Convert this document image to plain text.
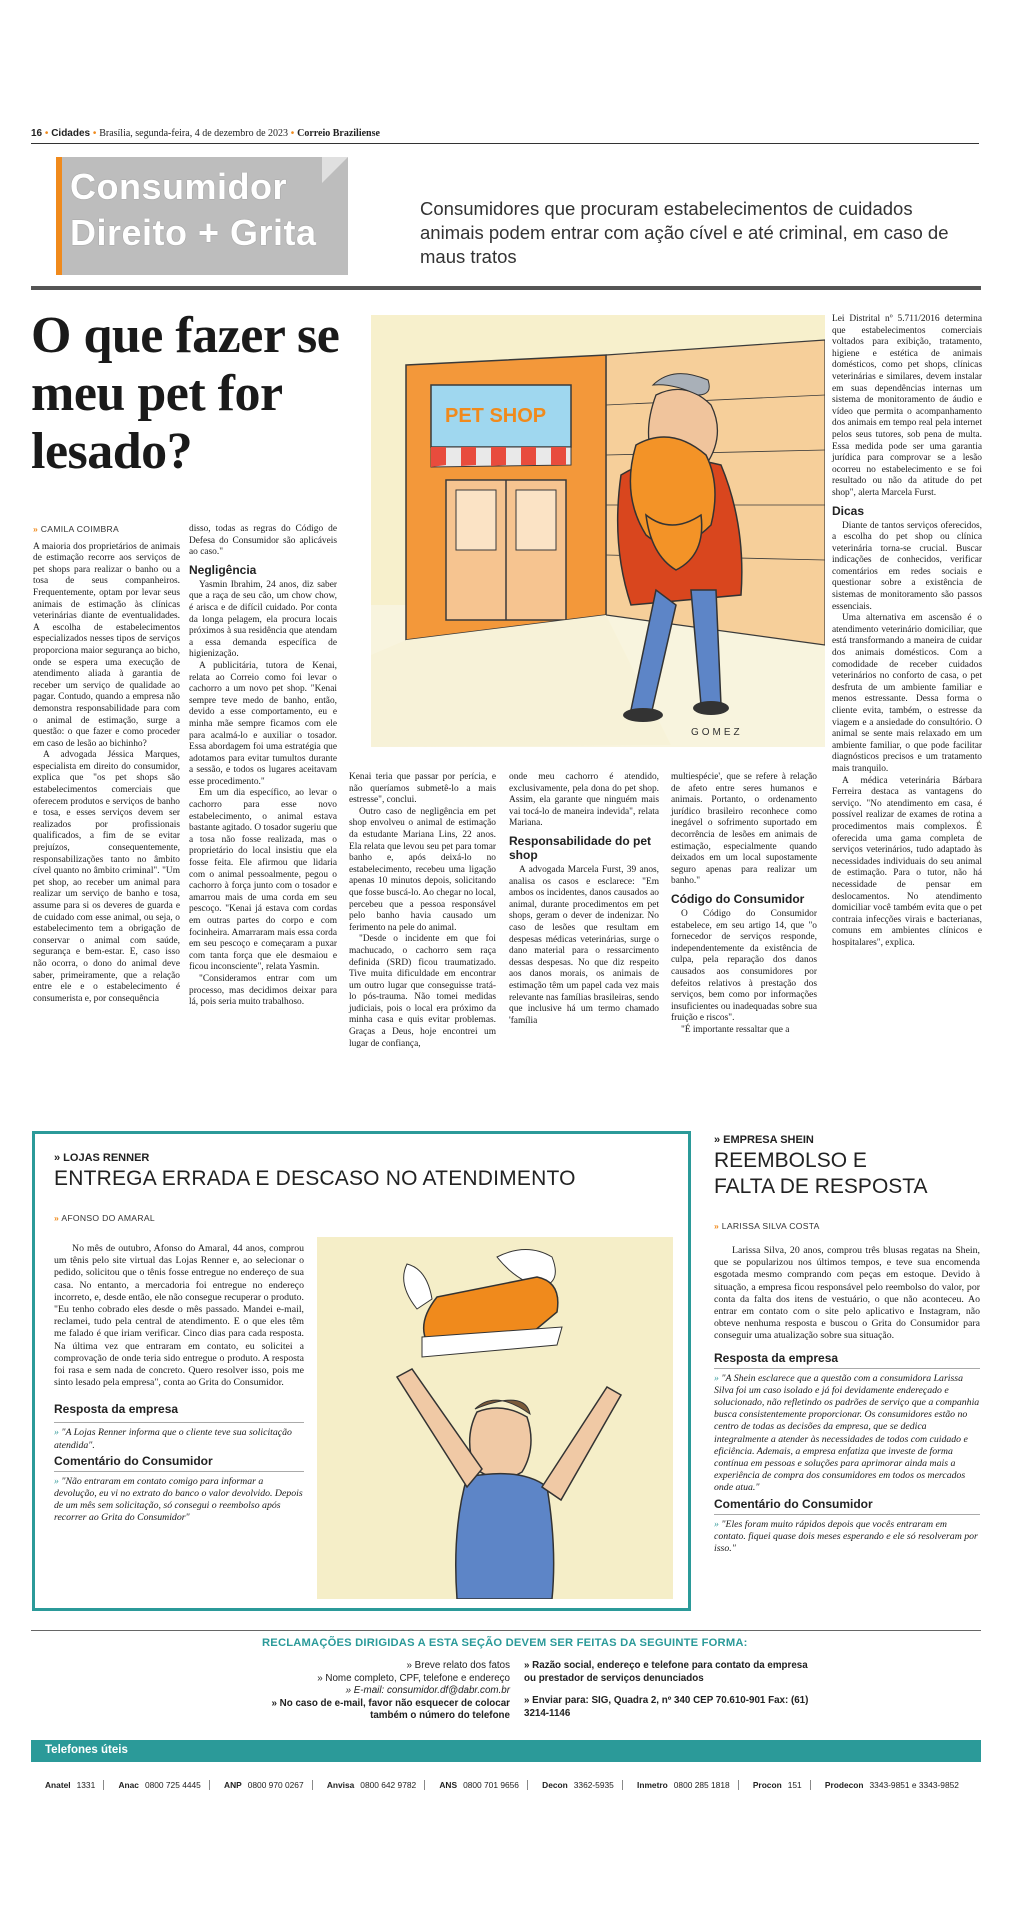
16 • Cidades • Brasília, segunda-feira, 4 de dezembro de 2023 • Correio Braziliense
Consumidor
Direito + Grita
Consumidores que procuram estabelecimentos de cuidados animais podem entrar com ação cível e até criminal, em caso de maus tratos
O que fazer se meu pet for lesado?
PET SHOP
GOMEZ
» CAMILA COIMBRA

A maioria dos proprietários de animais de estimação recorre aos serviços de pet shops para realizar o banho ou a tosa de seus companheiros. Frequentemente, optam por levar seus animais de estimação às clínicas veterinárias diante de eventualidades. A escolha de estabelecimentos especializados nesses tipos de serviços proporciona maior segurança ao bicho, onde se espera uma execução de atendimento aliada à garantia de receber um serviço de qualidade ao pagar. Contudo, quando a empresa não demonstra responsabilidade para com o animal de estimação, surge a questão: o que fazer e como proceder em caso de lesão ao bichinho?

A advogada Jéssica Marques, especialista em direito do consumidor, explica que "os pet shops são estabelecimentos comerciais que oferecem produtos e serviços de banho e tosa, e esses serviços devem ser realizados por profissionais qualificados, a fim de se evitar prejuízos, consequentemente, responsabilizações tanto no âmbito cível quanto no âmbito criminal". "Um pet shop, ao receber um animal para realizar um serviço de banho e tosa, assume para si os deveres de guarda e de cuidado com esse animal, ou seja, o estabelecimento tem a obrigação de conservar o animal com saúde, segurança e bem-estar. E, caso isso não ocorra, o dono do animal deve saber, primeiramente, que a relação entre ele e o estabelecimento é consumerista e, por consequência

disso, todas as regras do Código de Defesa do Consumidor são aplicáveis ao caso."

Negligência

Yasmin Ibrahim, 24 anos, diz saber que a raça de seu cão, um chow chow, é arisca e de difícil cuidado. Por conta da longa pelagem, ela procura locais próximos à sua residência que atendam a essa demanda específica de higienização.

A publicitária, tutora de Kenai, relata ao Correio como foi levar o cachorro a um novo pet shop. "Kenai sempre teve medo de banho, então, devido a esse comportamento, eu e minha mãe sempre ficamos com ele para acalmá-lo e auxiliar o tosador. Essa abordagem foi uma estratégia que adotamos para evitar tumultos durante a sessão, e todos os lugares aceitavam esse procedimento."

Em um dia específico, ao levar o cachorro para esse novo estabelecimento, o animal estava bastante agitado. O tosador sugeriu que a tosa não fosse realizada, mas o proprietário do local insistiu que ela fosse feita. Ele afirmou que lidaria com o animal pessoalmente, pegou o cachorro à força junto com o tosador e amarrou mais de uma corda em seu pescoço. "Kenai já estava com cordas em outras partes do corpo e com focinheira. Amarraram mais essa corda em seu pescoço e começaram a puxar com tanta força que ele desmaiou e ficou inconsciente", relata Yasmin.

"Consideramos entrar com um processo, mas decidimos deixar para lá, pois seria muito trabalhoso.

Kenai teria que passar por perícia, e não queríamos submetê-lo a mais estresse", conclui.

Outro caso de negligência em pet shop envolveu o animal de estimação da estudante Mariana Lins, 22 anos. Ela relata que levou seu pet para tomar banho e, após deixá-lo no estabelecimento, recebeu uma ligação apenas 10 minutos depois, solicitando que fosse buscá-lo. Ao chegar no local, percebeu que a pessoa responsável pelo banho havia causado um ferimento na pele do animal.

"Desde o incidente em que foi machucado, o cachorro sem raça definida (SRD) ficou traumatizado. Tive muita dificuldade em encontrar um outro lugar que conseguisse tratá-lo pós-trauma. Não tomei medidas judiciais, pois o local era próximo da minha casa e quis evitar problemas. Graças a Deus, hoje encontrei um lugar de confiança,

onde meu cachorro é atendido, exclusivamente, pela dona do pet shop. Assim, ela garante que ninguém mais vai tocá-lo de maneira indevida", relata Mariana.

Responsabilidade do pet shop

A advogada Marcela Furst, 39 anos, analisa os casos e esclarece: "Em ambos os incidentes, danos causados ao animal, durante procedimentos em pet shops, geram o dever de indenizar. No caso de lesões que resultam em despesas médicas veterinárias, surge o dano material para o ressarcimento dessas despesas. No que diz respeito aos danos morais, os animais de estimação têm um papel cada vez mais relevante nas famílias brasileiras, sendo que inclusive há um termo chamado 'família

multiespécie', que se refere à relação de afeto entre seres humanos e animais. Portanto, o ordenamento jurídico brasileiro reconhece como inegável o sofrimento suportado em decorrência de lesões em animais de estimação, especialmente quando deixados em um local supostamente seguro apenas para realizar um banho."

Código do Consumidor

O Código do Consumidor estabelece, em seu artigo 14, que "o fornecedor de serviços responde, independentemente da existência de culpa, pela reparação dos danos causados aos consumidores por defeitos relativos à prestação dos serviços, bem como por informações insuficientes ou inadequadas sobre sua fruição e riscos".

"É importante ressaltar que a

Lei Distrital nº 5.711/2016 determina que estabelecimentos comerciais voltados para exibição, tratamento, higiene e estética de animais domésticos, como pet shops, clínicas veterinárias e similares, devem instalar em suas dependências internas um sistema de monitoramento de áudio e vídeo que permita o acompanhamento dos animais em tempo real pela internet pelos seus tutores, sob pena de multa. Essa medida pode ser uma garantia jurídica para comprovar se a lesão ocorreu no estabelecimento e se foi resultado ou não da atitude do pet shop", alerta Marcela Furst.

Dicas

Diante de tantos serviços oferecidos, a escolha do pet shop ou clínica veterinária torna-se crucial. Buscar indicações de conhecidos, verificar comentários em redes sociais e questionar sobre a existência de sistemas de monitoramento são passos essenciais.

Uma alternativa em ascensão é o atendimento veterinário domiciliar, que está transformando a maneira de cuidar dos animais domésticos. Com a comodidade de receber cuidados veterinários no conforto de casa, o pet desfruta de um ambiente familiar e menos estressante. Dessa forma o cliente evita, também, o estresse da viagem e a ansiedade do consultório. O animal se sente mais relaxado em um ambiente familiar, o que pode facilitar diagnósticos precisos e um tratamento mais tranquilo.

A médica veterinária Bárbara Ferreira destaca as vantagens do serviço. "No atendimento em casa, é possível realizar de exames de rotina a procedimentos mais complexos. É oferecida uma gama completa de serviços veterinários, tudo adaptado às necessidades individuais do seu animal de estimação. Para o tutor, não há necessidade de pensar em deslocamentos. No atendimento domiciliar você também evita que o pet contraia infecções virais e bacterianas, comuns em ambientes clínicos e hospitalares", explica.

» LOJAS RENNER
ENTREGA ERRADA E DESCASO NO ATENDIMENTO
» AFONSO DO AMARAL

No mês de outubro, Afonso do Amaral, 44 anos, comprou um tênis pelo site virtual das Lojas Renner e, ao selecionar o pedido, solicitou que o tênis fosse entregue no endereço de sua casa. No entanto, a mercadoria foi entregue no endereço incorreto, e, desde então, ele não consegue recuperar o produto. "Eu tenho cobrado eles desde o mês passado. Mandei e-mail, reclamei, tudo pela central de atendimento. E o que eles têm me falado é que iriam verificar. Cinco dias para cada resposta. Na última vez que entraram em contato, eu solicitei a comprovação de onde teria sido entregue o produto. A resposta foi rasa e sem nada de concreto. Quero resolver isso, pois me sinto lesado pela empresa", conta ao Grita do Consumidor.

Resposta da empresa
» "A Lojas Renner informa que o cliente teve sua solicitação atendida".
Comentário do Consumidor
» "Não entraram em contato comigo para informar a devolução, eu vi no extrato do banco o valor devolvido. Depois de um mês sem solicitação, só consegui o reembolso após recorrer ao Grita do Consumidor"
» EMPRESA SHEIN
REEMBOLSO E
FALTA DE RESPOSTA
» LARISSA SILVA COSTA

Larissa Silva, 20 anos, comprou três blusas regatas na Shein, que se popularizou nos últimos tempos, e teve sua encomenda esgotada mesmo comprando com peças em estoque. Devido à situação, a empresa ficou responsável pelo reembolso do valor, por conta da falta dos itens de vestuário, o que não aconteceu. Ao entrar em contato com o site pelo aplicativo e Instagram, não obteve nenhuma resposta e buscou o Grita do Consumidor para conseguir uma atualização sobre sua situação.

Resposta da empresa
» "A Shein esclarece que a questão com a consumidora Larissa Silva foi um caso isolado e já foi devidamente endereçado e solucionado, não refletindo os padrões de serviço que a companhia busca consistentemente proporcionar. Os consumidores estão no centro de todas as decisões da empresa, que se dedica integralmente a atender às necessidades de todos com cuidado e eficiência. Ademais, a empresa enfatiza que investe de forma contínua em pessoas e soluções para aprimorar ainda mais a experiência de compra dos consumidores em todos os mercados onde atua."
Comentário do Consumidor
» "Eles foram muito rápidos depois que vocês entraram em contato. fiquei quase dois meses esperando e ele só resolveram por isso."
RECLAMAÇÕES DIRIGIDAS A ESTA SEÇÃO DEVEM SER FEITAS DA SEGUINTE FORMA:
» Breve relato dos fatos
» Nome completo, CPF, telefone e endereço
» E-mail: consumidor.df@dabr.com.br
» No caso de e-mail, favor não esquecer de colocar também o número do telefone
» Razão social, endereço e telefone para contato da empresa ou prestador de serviços denunciados
» Enviar para: SIG, Quadra 2, nº 340 CEP 70.610-901 Fax: (61) 3214-1146
Telefones úteis
Anatel 1331	Anac 0800 725 4445	ANP 0800 970 0267	Anvisa 0800 642 9782	ANS 0800 701 9656	Decon 3362-5935	Inmetro 0800 285 1818	Procon 151	Prodecon 3343-9851 e 3343-9852
